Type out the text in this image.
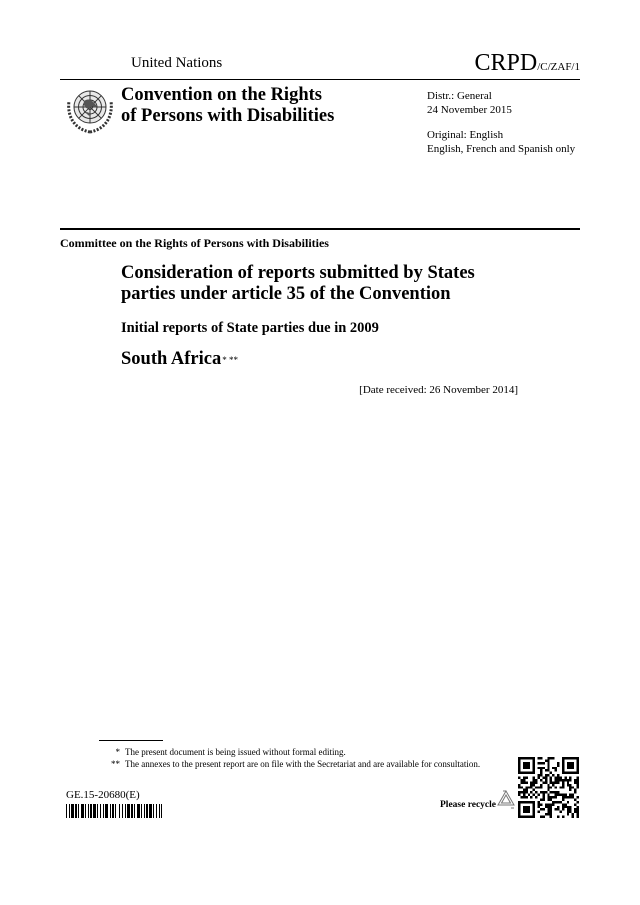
United Nations	CRPD/C/ZAF/1
Convention on the Rights
of Persons with Disabilities
Distr.: General
24 November 2015
Original: English
English, French and Spanish only
Committee on the Rights of Persons with Disabilities
Consideration of reports submitted by States
parties under article 35 of the Convention
Initial reports of State parties due in 2009
South Africa* **
[Date received: 26 November 2014]
* The present document is being issued without formal editing.
** The annexes to the present report are on file with the Secretariat and are available for consultation.
GE.15-20680(E)
Please recycle
